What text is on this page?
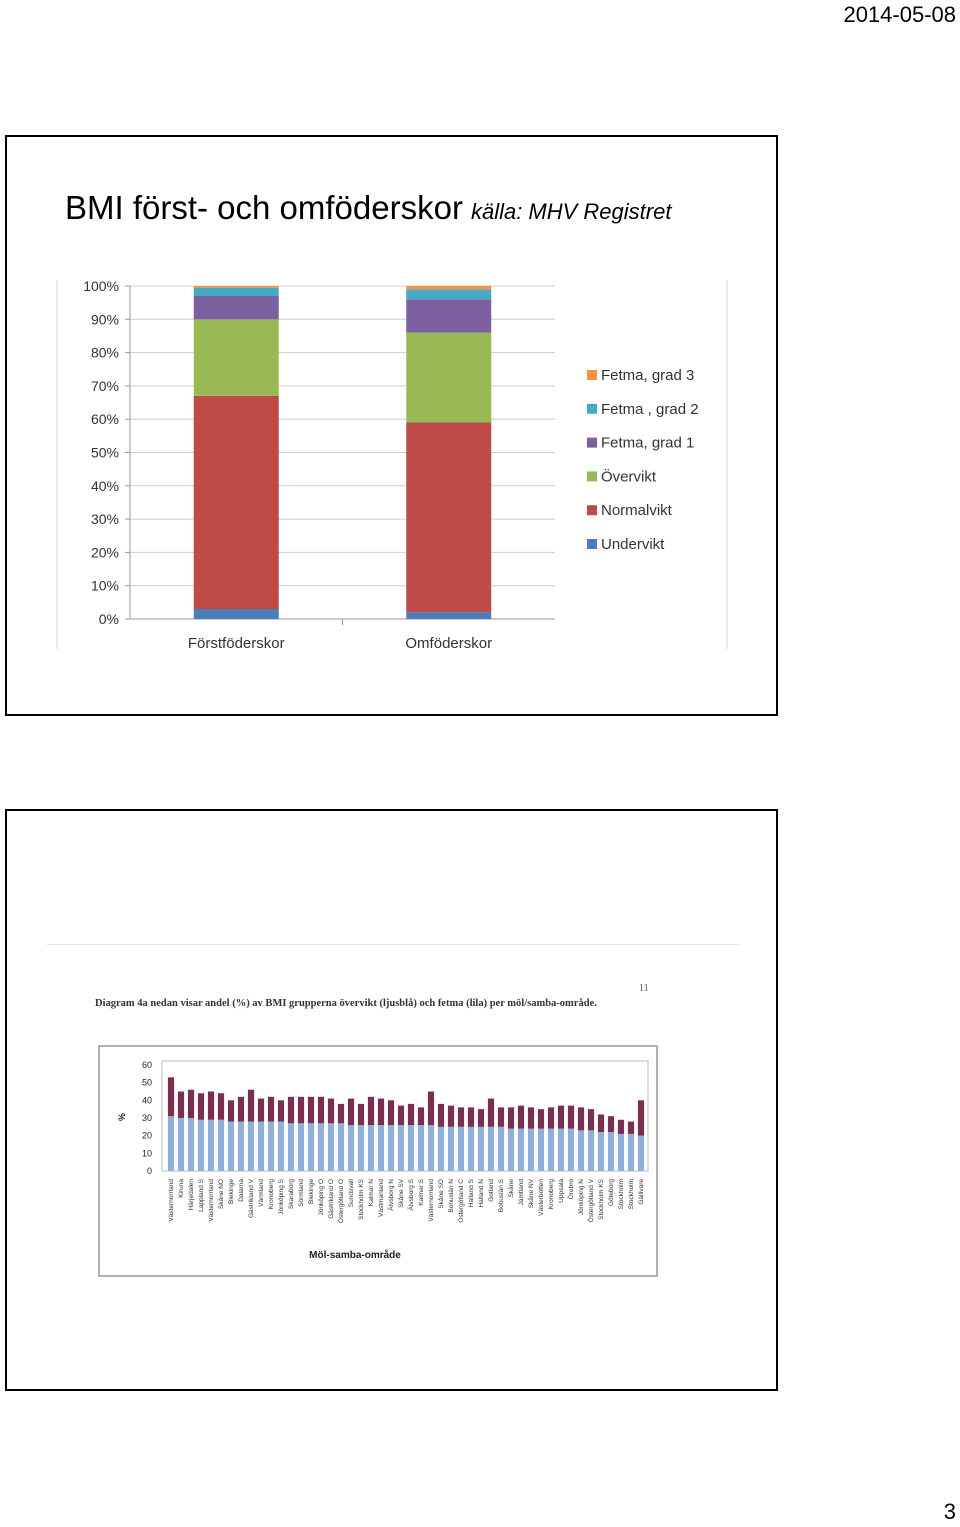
2014-05-08
BMI först- och omföderskor källa: MHV Registret
0%
10%
20%
30%
40%
50%
60%
70%
80%
90%
100%
Förstföderskor	Omföderskor
Fetma, grad 3
Fetma , grad 2
Fetma, grad 1
Övervikt
Normalvikt
Undervikt
11
Diagram 4a nedan visar andel (%) av BMI grupperna övervikt (ljusblå) och fetma (lila) per möl/samba-område.
0
10
20
30
40
50
60
%
Västernorrland Kiruna Härjedalen Lappland S Västernorrland Skåne NO Blekinge Dalarna Gästrikland V Värmland Kronoberg Jönköping S Skaraborg Sörmland Blekinge Jönköping O Gästrikland O Östergötland O Sundsvall Stockholm KS Kalmar N Västmanland Älvsborg N Skåne SV Älvsborg S Kalmar S Västernorrland Skåne SO Bohuslän N Östergötland C Halland S Halland N Gotland Bohuslän S Skåne Jämtland Skåne NV Västerbotten Kronoberg Uppsala Örebro Jönköping N Östergötland V Stockholm KS Göteborg Stockholm Stockholm Gällivare
Möl-samba-område
3
